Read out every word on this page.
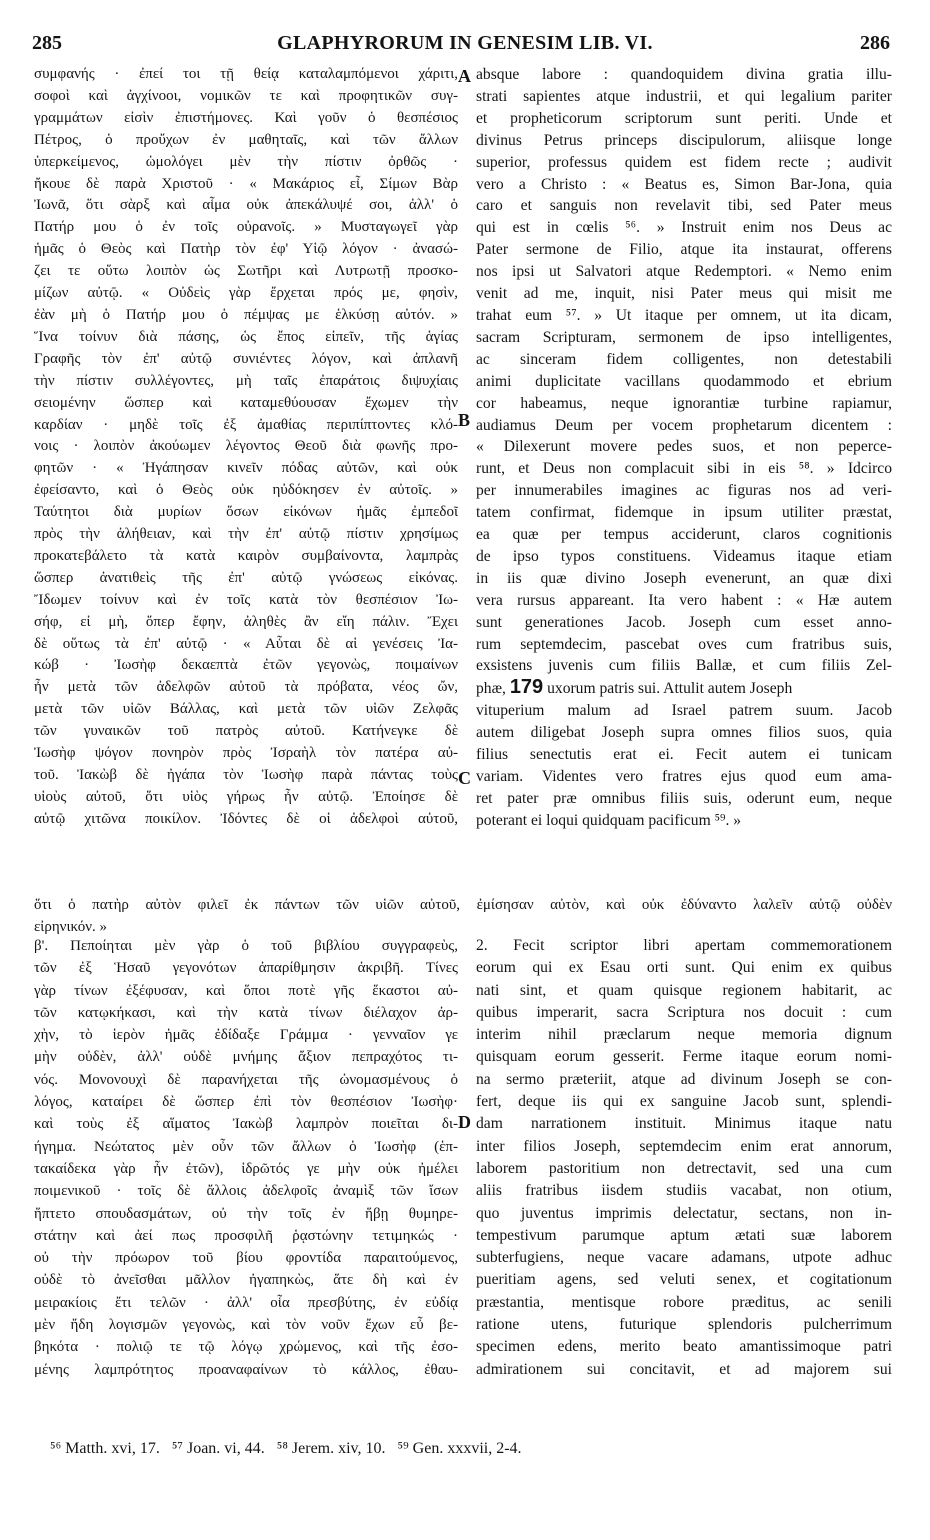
285	GLAPHYRORUM IN GENESIM LIB. VI.	286
συμφανής · ἐπεί τοι τῇ θείᾳ καταλαμπόμενοι χάριτι,
σοφοὶ καὶ ἀγχίνοοι, νομικῶν τε καὶ προφητικῶν συγ-
γραμμάτων εἰσὶν ἐπιστήμονες. Καὶ γοῦν ὁ θεσπέσιος
Πέτρος, ὁ προὔχων ἐν μαθηταῖς, καὶ τῶν ἄλλων
ὑπερκείμενος, ὡμολόγει μὲν τὴν πίστιν ὀρθῶς ·
ἤκουε δὲ παρὰ Χριστοῦ · « Μακάριος εἶ, Σίμων Βὰρ
Ἰωνᾶ, ὅτι σὰρξ καὶ αἷμα οὐκ ἀπεκάλυψέ σοι, ἀλλ' ὁ
Πατήρ μου ὁ ἐν τοῖς οὐρανοῖς. » Μυσταγωγεῖ γὰρ
ἡμᾶς ὁ Θεὸς καὶ Πατὴρ τὸν ἐφ' Υἱῷ λόγον · ἀνασώ-
ζει τε οὕτω λοιπὸν ὡς Σωτῆρι καὶ Λυτρωτῇ προσκο-
μίζων αὐτῷ. « Οὐδεὶς γὰρ ἔρχεται πρός με, φησὶν,
ἐὰν μὴ ὁ Πατήρ μου ὁ πέμψας με ἑλκύσῃ αὐτόν. »
Ἵνα τοίνυν διὰ πάσης, ὡς ἔπος εἰπεῖν, τῆς ἁγίας
Γραφῆς τὸν ἐπ' αὐτῷ συνιέντες λόγον, καὶ ἀπλανῆ
τὴν πίστιν συλλέγοντες, μὴ ταῖς ἐπαράτοις διψυχίαις
σειομένην ὥσπερ καὶ καταμεθύουσαν ἔχωμεν τὴν
καρδίαν · μηδὲ τοῖς ἐξ ἀμαθίας περιπίπτοντες κλό-
νοις · λοιπὸν ἀκούωμεν λέγοντος Θεοῦ διὰ φωνῆς προ-
φητῶν · « Ἠγάπησαν κινεῖν πόδας αὐτῶν, καὶ οὐκ
ἐφείσαντο, καὶ ὁ Θεὸς οὐκ ηὐδόκησεν ἐν αὐτοῖς. »
Ταύτητοι διὰ μυρίων ὅσων εἰκόνων ἡμᾶς ἐμπεδοῖ
πρὸς τὴν ἀλήθειαν, καὶ τὴν ἐπ' αὐτῷ πίστιν χρησίμως
προκατεβάλετο τὰ κατὰ καιρὸν συμβαίνοντα, λαμπρὰς
ὥσπερ ἀνατιθεὶς τῆς ἐπ' αὐτῷ γνώσεως εἰκόνας.
Ἴδωμεν τοίνυν καὶ ἐν τοῖς κατὰ τὸν θεσπέσιον Ἰω-
σήφ, εἰ μὴ, ὅπερ ἔφην, ἀληθὲς ἂν εἴη πάλιν. Ἔχει
δὲ οὕτως τὰ ἐπ' αὐτῷ · « Αὗται δὲ αἱ γενέσεις Ἰα-
κώβ · Ἰωσὴφ δεκαεπτὰ ἐτῶν γεγονὼς, ποιμαίνων
ἦν μετὰ τῶν ἀδελφῶν αὐτοῦ τὰ πρόβατα, νέος ὤν,
μετὰ τῶν υἱῶν Βάλλας, καὶ μετὰ τῶν υἱῶν Ζελφᾶς
τῶν γυναικῶν τοῦ πατρὸς αὐτοῦ. Κατήνεγκε δὲ
Ἰωσὴφ ψόγον πονηρὸν πρὸς Ἰσραὴλ τὸν πατέρα αὐ-
τοῦ. Ἰακὼβ δὲ ἠγάπα τὸν Ἰωσὴφ παρὰ πάντας τοὺς
υἱοὺς αὐτοῦ, ὅτι υἱὸς γήρως ἦν αὐτῷ. Ἐποίησε δὲ
αὐτῷ χιτῶνα ποικίλον. Ἰδόντες δὲ οἱ ἀδελφοὶ αὐτοῦ,
absque labore : quandoquidem divina gratia illu-
strati sapientes atque industrii, et qui legalium pariter
et propheticorum scriptorum sunt periti. Unde et
divinus Petrus princeps discipulorum, aliisque longe
superior, professus quidem est fidem recte ; audivit
vero a Christo : « Beatus es, Simon Bar-Jona, quia
caro et sanguis non revelavit tibi, sed Pater meus
qui est in cœlis ⁵⁶. » Instruit enim nos Deus ac
Pater sermone de Filio, atque ita instaurat, offerens
nos ipsi ut Salvatori atque Redemptori. « Nemo enim
venit ad me, inquit, nisi Pater meus qui misit me
trahat eum ⁵⁷. » Ut itaque per omnem, ut ita dicam,
sacram Scripturam, sermonem de ipso intelligentes,
ac sinceram fidem colligentes, non detestabili
animi duplicitate vacillans quodammodo et ebrium
cor habeamus, neque ignorantiæ turbine rapiamur,
audiamus Deum per vocem prophetarum dicentem :
« Dilexerunt movere pedes suos, et non peperce-
runt, et Deus non complacuit sibi in eis ⁵⁸. » Idcirco
per innumerabiles imagines ac figuras nos ad veri-
tatem confirmat, fidemque in ipsum utiliter præstat,
ea quæ per tempus acciderunt, claros cognitionis
de ipso typos constituens. Videamus itaque etiam
in iis quæ divino Joseph evenerunt, an quæ dixi
vera rursus appareant. Ita vero habent : « Hæ autem
sunt generationes Jacob. Joseph cum esset anno-
rum septemdecim, pascebat oves cum fratribus suis,
exsistens juvenis cum filiis Ballæ, et cum filiis Zel-
phæ, 179 uxorum patris sui. Attulit autem Joseph
vituperium malum ad Israel patrem suum. Jacob
autem diligebat Joseph supra omnes filios suos, quia
filius senectutis erat ei. Fecit autem ei tunicam
variam. Videntes vero fratres ejus quod eum ama-
ret pater præ omnibus filiis suis, oderunt eum, neque
poterant ei loqui quidquam pacificum ⁵⁹. »
A
B
C
D
ὅτι ὁ πατὴρ αὐτὸν φιλεῖ ἐκ πάντων τῶν υἱῶν αὐτοῦ, ἐμίσησαν αὐτὸν, καὶ οὐκ ἐδύναντο λαλεῖν αὐτῷ οὐδὲν
εἰρηνικόν. »
β'. Πεποίηται μὲν γὰρ ὁ τοῦ βιβλίου συγγραφεὺς,
τῶν ἐξ Ἡσαῦ γεγονότων ἀπαρίθμησιν ἀκριβῆ. Τίνες
γὰρ τίνων ἐξέφυσαν, καὶ ὅποι ποτὲ γῆς ἕκαστοι αὐ-
τῶν κατῳκήκασι, καὶ τὴν κατὰ τίνων διέλαχον ἀρ-
χὴν, τὸ ἱερὸν ἡμᾶς ἐδίδαξε Γράμμα · γενναῖον γε
μὴν οὐδὲν, ἀλλ' οὐδὲ μνήμης ἄξιον πεπραχότος τι-
νός. Μονονουχὶ δὲ παρανήχεται τῆς ὠνομασμένους ὁ
λόγος, καταίρει δὲ ὥσπερ ἐπὶ τὸν θεσπέσιον Ἰωσὴφ·
καὶ τοὺς ἐξ αἵματος Ἰακὼβ λαμπρὸν ποιεῖται δι-
ήγημα. Νεώτατος μὲν οὖν τῶν ἄλλων ὁ Ἰωσὴφ (ἑπ-
τακαίδεκα γὰρ ἦν ἐτῶν), ἱδρῶτός γε μὴν οὐκ ἠμέλει
ποιμενικοῦ · τοῖς δὲ ἄλλοις ἀδελφοῖς ἀναμὶξ τῶν ἴσων
ἥπτετο σπουδασμάτων, οὐ τὴν τοῖς ἐν ἥβῃ θυμηρε-
στάτην καὶ ἀεί πως προσφιλῆ ῥᾳστώνην τετιμηκώς ·
οὐ τὴν πρόωρον τοῦ βίου φροντίδα παραιτούμενος,
οὐδὲ τὸ ἀνεῖσθαι μᾶλλον ἠγαπηκὼς, ἅτε δὴ καὶ ἐν
μειρακίοις ἔτι τελῶν · ἀλλ' οἷα πρεσβύτης, ἐν εὐδίᾳ
μὲν ἤδη λογισμῶν γεγονὼς, καὶ τὸν νοῦν ἔχων εὖ βε-
βηκότα · πολιῷ τε τῷ λόγῳ χρώμενος, καὶ τῆς ἐσο-
μένης λαμπρότητος προαναφαίνων τὸ κάλλος, ἐθαυ-
2. Fecit scriptor libri apertam commemorationem
eorum qui ex Esau orti sunt. Qui enim ex quibus
nati sint, et quam quisque regionem habitarit, ac
quibus imperarit, sacra Scriptura nos docuit : cum
interim nihil præclarum neque memoria dignum
quisquam eorum gesserit. Ferme itaque eorum nomi-
na sermo præteriit, atque ad divinum Joseph se con-
fert, deque iis qui ex sanguine Jacob sunt, splendi-
dam narrationem instituit. Minimus itaque natu
inter filios Joseph, septemdecim enim erat annorum,
laborem pastoritium non detrectavit, sed una cum
aliis fratribus iisdem studiis vacabat, non otium,
quo juventus imprimis delectatur, sectans, non in-
tempestivum parumque aptum ætati suæ laborem
subterfugiens, neque vacare adamans, utpote adhuc
pueritiam agens, sed veluti senex, et cogitationum
præstantia, mentisque robore præditus, ac senili
ratione utens, futurique splendoris pulcherrimum
specimen edens, merito beato amantissimoque patri
admirationem sui concitavit, et ad majorem sui
⁵⁶ Matth. xvi, 17.   ⁵⁷ Joan. vi, 44.   ⁵⁸ Jerem. xiv, 10.   ⁵⁹ Gen. xxxvii, 2-4.
